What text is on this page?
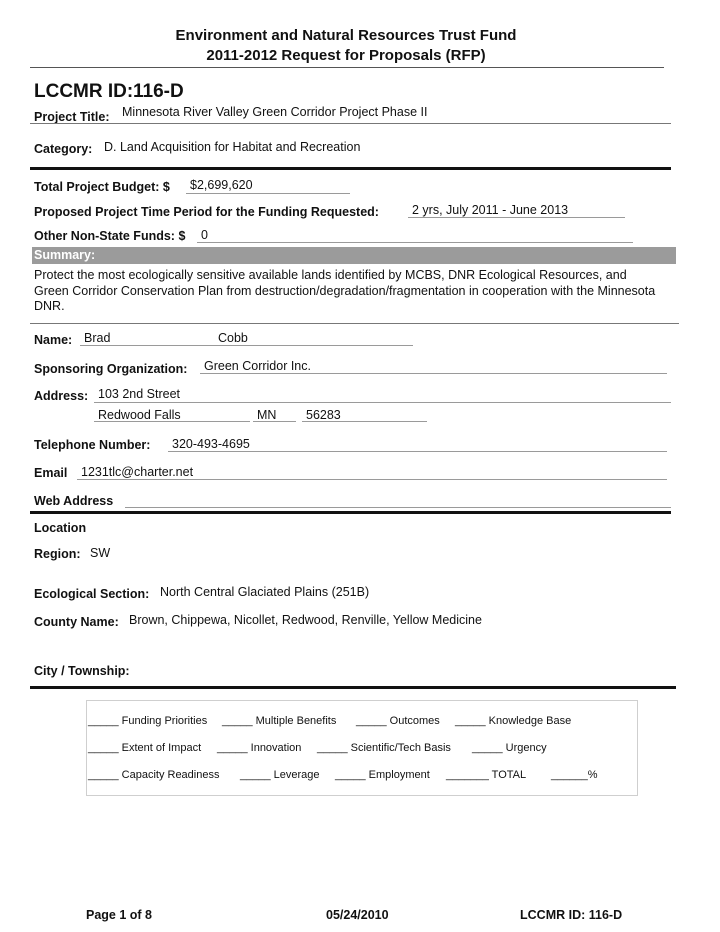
Environment and Natural Resources Trust Fund
2011-2012 Request for Proposals (RFP)
LCCMR ID: 116-D
Project Title: Minnesota River Valley Green Corridor Project Phase II
Category: D. Land Acquisition for Habitat and Recreation
Total Project Budget: $ $2,699,620
Proposed Project Time Period for the Funding Requested:	2 yrs, July 2011 - June 2013
Other Non-State Funds: $ 0
Summary:
Protect the most ecologically sensitive available lands identified by MCBS, DNR Ecological Resources, and Green Corridor Conservation Plan from destruction/degradation/fragmentation in cooperation with the Minnesota DNR.
Name: Brad	Cobb
Sponsoring Organization: Green Corridor Inc.
Address: 103 2nd Street
Redwood Falls	MN 56283
Telephone Number: 320-493-4695
Email 1231tlc@charter.net
Web Address
Location
Region: SW
Ecological Section: North Central Glaciated Plains (251B)
County Name: Brown, Chippewa, Nicollet, Redwood, Renville, Yellow Medicine
City / Township:
_____ Funding Priorities _____ Multiple Benefits _____ Outcomes _____ Knowledge Base
_____ Extent of Impact _____ Innovation _____ Scientific/Tech Basis _____ Urgency
_____ Capacity Readiness _____ Leverage _____ Employment _______ TOTAL ______%
Page 1 of 8	05/24/2010	LCCMR ID: 116-D
